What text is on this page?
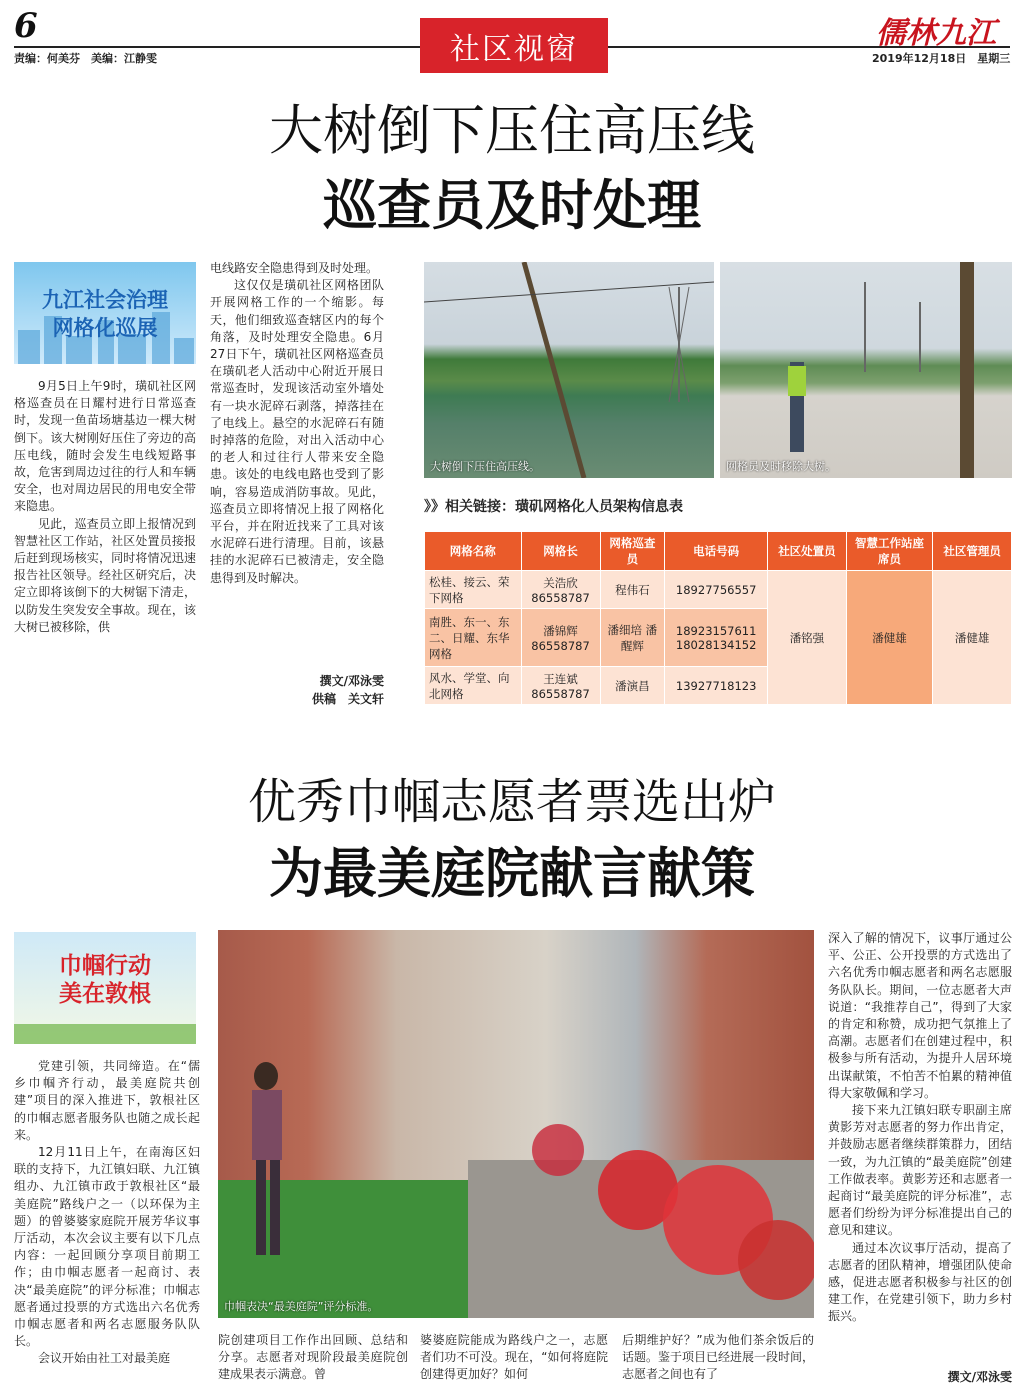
6
责编：何美芬　美编：江静雯	社区视窗	儒林九江
2019年12月18日　星期三
大树倒下压住高压线
巡查员及时处理
九江社会治理
网格化巡展

9月5日上午9时，璜矶社区网格巡查员在日耀村进行日常巡查时，发现一鱼苗场塘基边一棵大树倒下。该大树刚好压住了旁边的高压电线，随时会发生电线短路事故，危害到周边过往的行人和车辆安全，也对周边居民的用电安全带来隐患。

见此，巡查员立即上报情况到智慧社区工作站，社区处置员接报后赶到现场核实，同时将情况迅速报告社区领导。经社区研究后，决定立即将该倒下的大树锯下清走，以防发生突发安全事故。现在，该大树已被移除，供

电线路安全隐患得到及时处理。

这仅仅是璜矶社区网格团队开展网格工作的一个缩影。每天，他们细致巡查辖区内的每个角落，及时处理安全隐患。6月27日下午，璜矶社区网格巡查员在璜矶老人活动中心附近开展日常巡查时，发现该活动室外墙处有一块水泥碎石剥落，掉落挂在了电线上。悬空的水泥碎石有随时掉落的危险，对出入活动中心的老人和过往行人带来安全隐患。该处的电线电路也受到了影响，容易造成消防事故。见此，巡查员立即将情况上报了网格化平台，并在附近找来了工具对该水泥碎石进行清理。目前，该悬挂的水泥碎石已被清走，安全隐患得到及时解决。

撰文/邓泳雯
供稿　关文轩
大树倒下压住高压线。	网格员及时移除大树。
》》相关链接：璜矶网格化人员架构信息表
网格名称	网格长	网格巡查员	电话号码	社区处置员	智慧工作站座席员	社区管理员
松桂、接云、荣下网格	关浩欣 86558787	程伟石	18927756557	潘铭强	潘健雄	潘健雄
南胜、东一、东二、日耀、东华网格	潘锦辉 86558787	潘细培 潘醒辉	18923157611 18028134152			
风水、学堂、向北网格	王连斌 86558787	潘演昌	13927718123			
优秀巾帼志愿者票选出炉
为最美庭院献言献策
巾帼行动
美在敦根

党建引领，共同缔造。在“儒乡巾帼齐行动，最美庭院共创建”项目的深入推进下，敦根社区的巾帼志愿者服务队也随之成长起来。

12月11日上午，在南海区妇联的支持下，九江镇妇联、九江镇组办、九江镇市政于敦根社区“最美庭院”路线户之一（以环保为主题）的曾婆婆家庭院开展芳华议事厅活动，本次会议主要有以下几点内容：一起回顾分享项目前期工作；由巾帼志愿者一起商讨、表决“最美庭院”的评分标准；巾帼志愿者通过投票的方式选出六名优秀巾帼志愿者和两名志愿服务队队长。

会议开始由社工对最美庭

巾帼表决“最美庭院”评分标准。

院创建项目工作作出回顾、总结和分享。志愿者对现阶段最美庭院创建成果表示满意。曾

婆婆庭院能成为路线户之一，志愿者们功不可没。现在，“如何将庭院创建得更加好？如何

后期维护好？”成为他们茶余饭后的话题。鉴于项目已经进展一段时间，志愿者之间也有了

深入了解的情况下，议事厅通过公平、公正、公开投票的方式选出了六名优秀巾帼志愿者和两名志愿服务队队长。期间，一位志愿者大声说道：“我推荐自己”，得到了大家的肯定和称赞，成功把气氛推上了高潮。志愿者们在创建过程中，积极参与所有活动，为提升人居环境出谋献策，不怕苦不怕累的精神值得大家敬佩和学习。

接下来九江镇妇联专职副主席黄影芳对志愿者的努力作出肯定，并鼓励志愿者继续群策群力，团结一致，为九江镇的“最美庭院”创建工作做表率。黄影芳还和志愿者一起商讨“最美庭院的评分标准”，志愿者们纷纷为评分标准提出自己的意见和建议。

通过本次议事厅活动，提高了志愿者的团队精神，增强团队使命感，促进志愿者积极参与社区的创建工作，在党建引领下，助力乡村振兴。

撰文/邓泳雯
